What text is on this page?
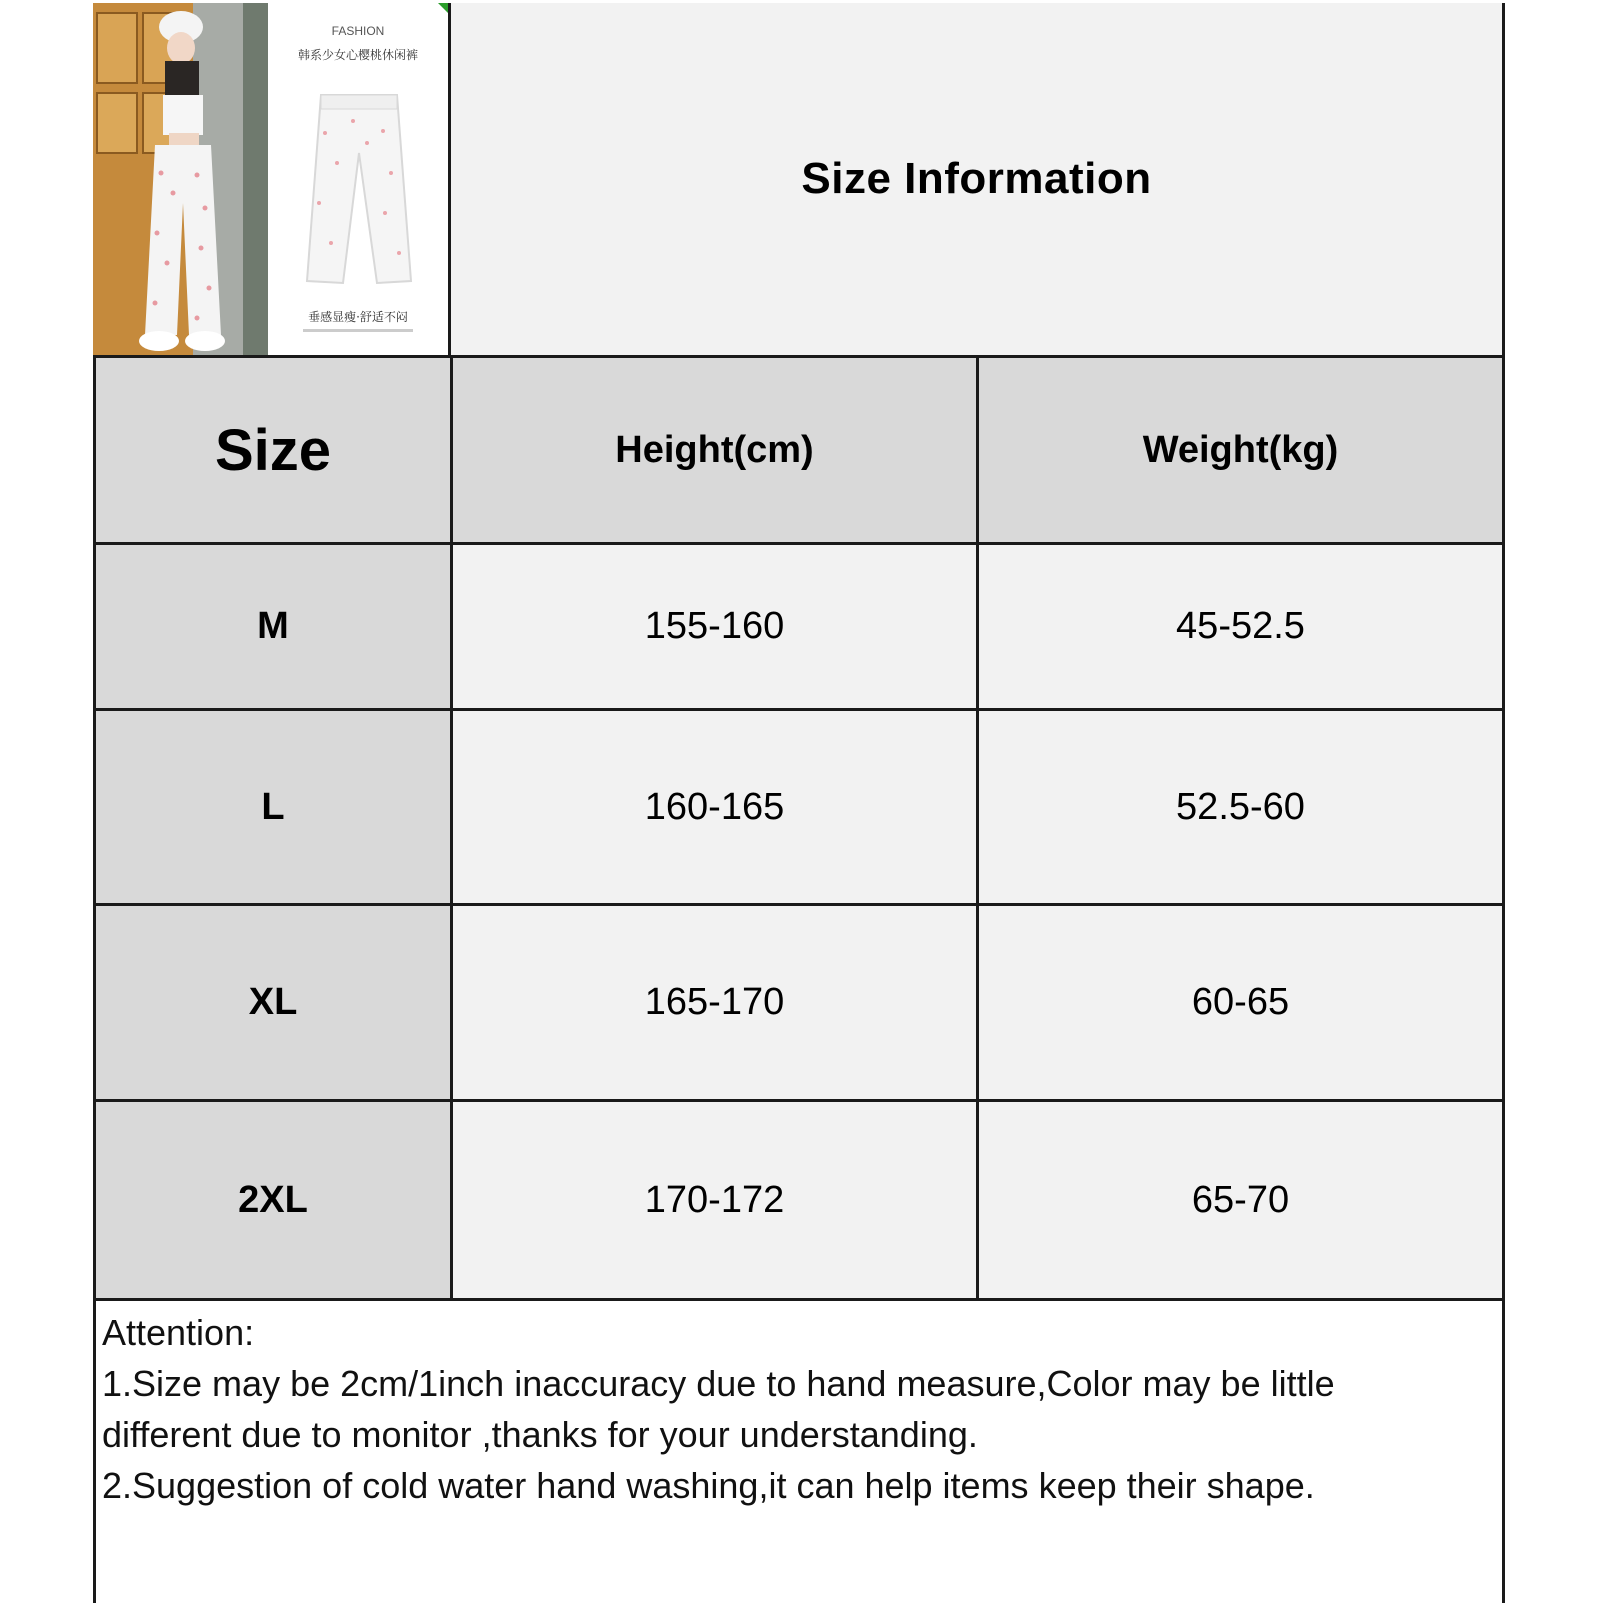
FASHION
韩系少女心樱桃休闲裤
垂感显瘦·舒适不闷
Size Information
Size	Height(cm)	Weight(kg)
M	155-160	45-52.5
L	160-165	52.5-60
XL	165-170	60-65
2XL	170-172	65-70

Attention:

1.Size may be 2cm/1inch inaccuracy due to hand measure,Color may be little

different due to monitor ,thanks for your understanding.

2.Suggestion of cold water hand washing,it can help items keep their shape.
